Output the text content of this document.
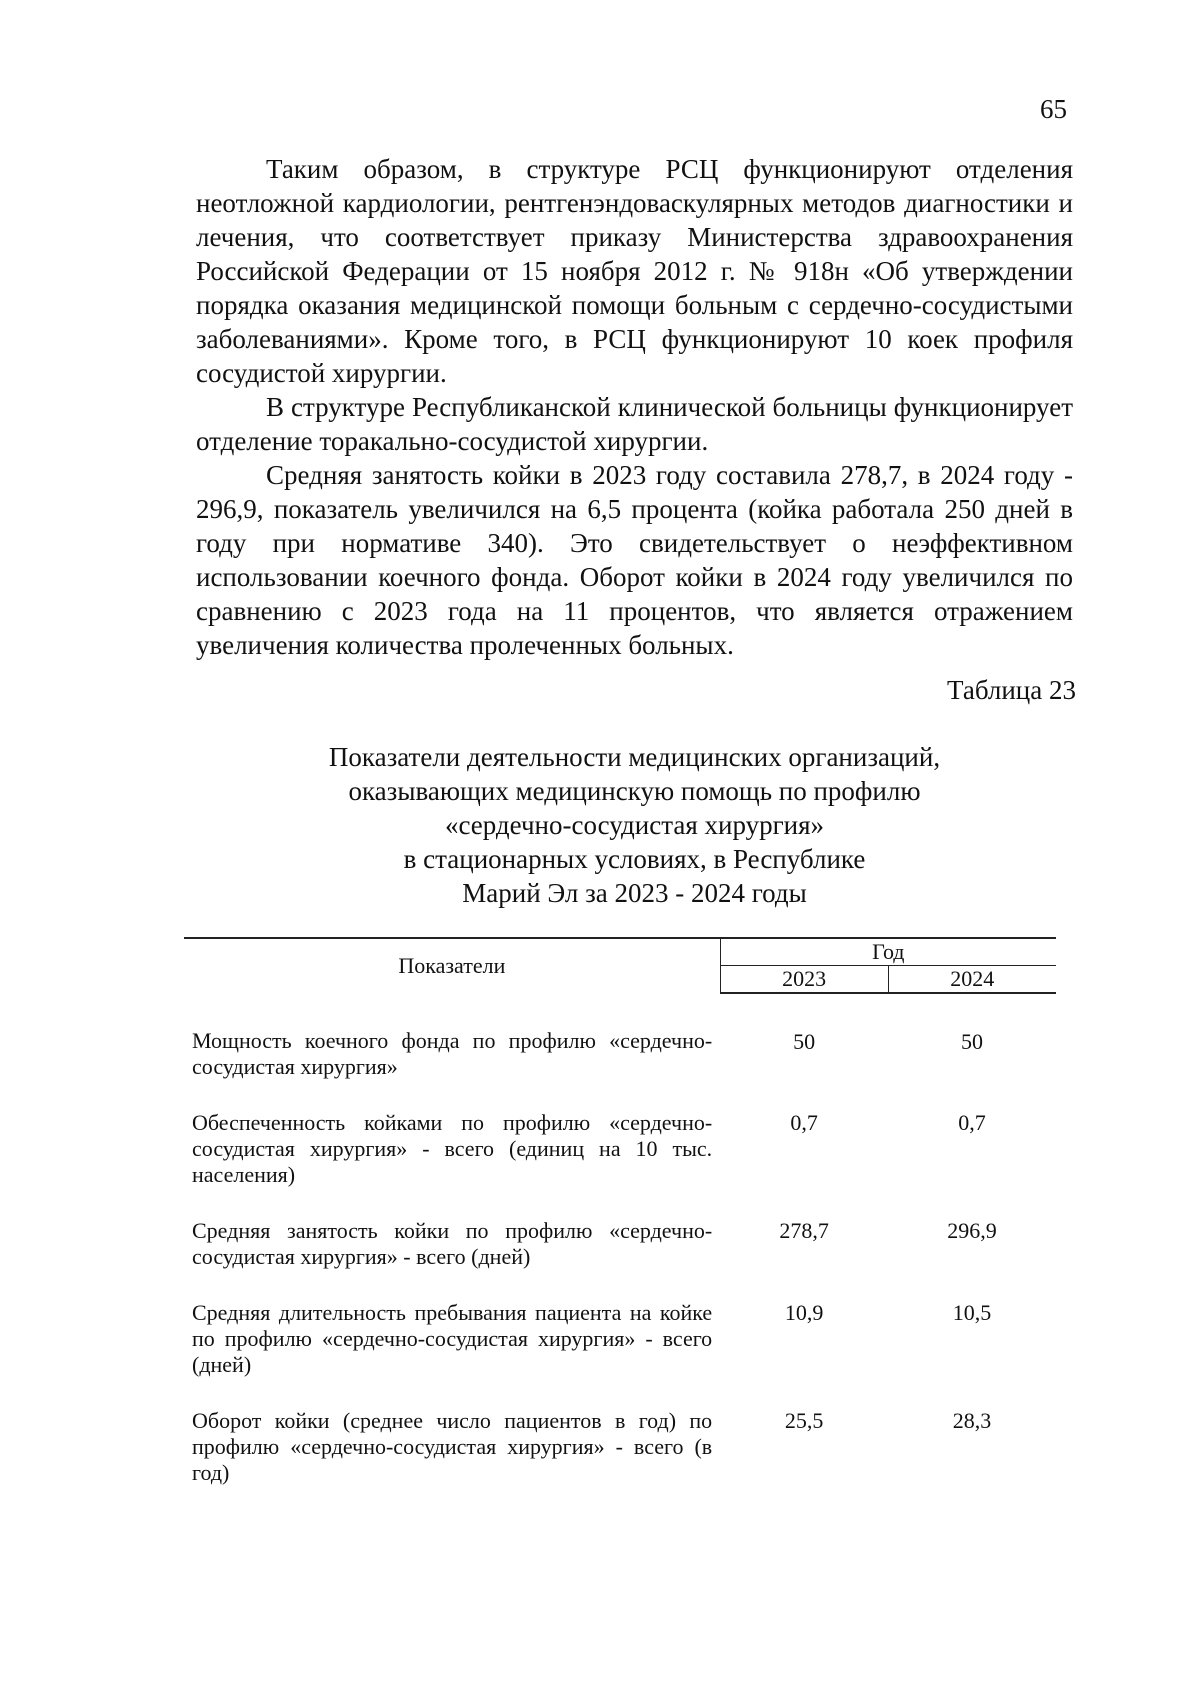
65

Таким образом, в структуре РСЦ функционируют отделения неотложной кардиологии, рентгенэндоваскулярных методов диагностики и лечения, что соответствует приказу Министерства здравоохранения Российской Федерации от 15 ноября 2012 г. № 918н «Об утверждении порядка оказания медицинской помощи больным с сердечно-сосудистыми заболеваниями». Кроме того, в РСЦ функционируют 10 коек профиля сосудистой хирургии.

В структуре Республиканской клинической больницы функционирует отделение торакально-сосудистой хирургии.

Средняя занятость койки в 2023 году составила 278,7, в 2024 году - 296,9, показатель увеличился на 6,5 процента (койка работала 250 дней в году при нормативе 340). Это свидетельствует о неэффективном использовании коечного фонда. Оборот койки в 2024 году увеличился по сравнению с 2023 года на 11 процентов, что является отражением увеличения количества пролеченных больных.

Таблица 23
Показатели деятельности медицинских организаций,
оказывающих медицинскую помощь по профилю
«сердечно-сосудистая хирургия»
в стационарных условиях, в Республике
Марий Эл за 2023 - 2024 годы
Показатели	Год	
	2023	2024
Мощность коечного фонда по профилю «сердечно-сосудистая хирургия»	50	50
Обеспеченность койками по профилю «сердечно-сосудистая хирургия» - всего (единиц на 10 тыс. населения)	0,7	0,7
Средняя занятость койки по профилю «сердечно-сосудистая хирургия» - всего (дней)	278,7	296,9
Средняя длительность пребывания пациента на койке по профилю «сердечно-сосудистая хирургия» - всего (дней)	10,9	10,5
Оборот койки (среднее число пациентов в год) по профилю «сердечно-сосудистая хирургия» - всего (в год)	25,5	28,3
